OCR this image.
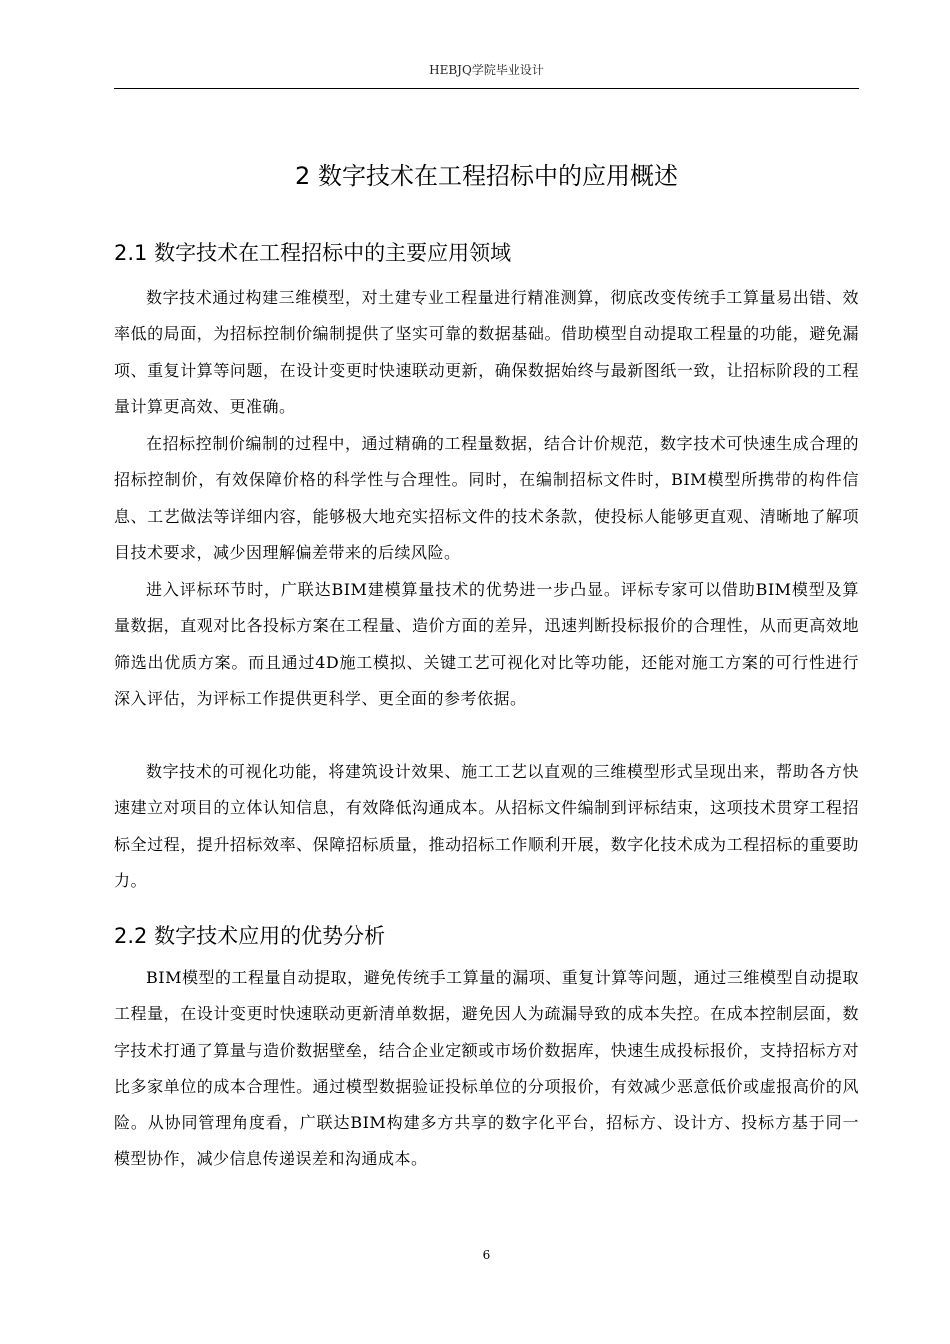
HEBJQ学院毕业设计
2 数字技术在工程招标中的应用概述
2.1 数字技术在工程招标中的主要应用领域

数字技术通过构建三维模型，对土建专业工程量进行精准测算，彻底改变传统手工算量易出错、效率低的局面，为招标控制价编制提供了坚实可靠的数据基础。借助模型自动提取工程量的功能，避免漏项、重复计算等问题，在设计变更时快速联动更新，确保数据始终与最新图纸一致，让招标阶段的工程量计算更高效、更准确。

在招标控制价编制的过程中，通过精确的工程量数据，结合计价规范，数字技术可快速生成合理的招标控制价，有效保障价格的科学性与合理性。同时，在编制招标文件时，BIM模型所携带的构件信息、工艺做法等详细内容，能够极大地充实招标文件的技术条款，使投标人能够更直观、清晰地了解项目技术要求，减少因理解偏差带来的后续风险。

进入评标环节时，广联达BIM建模算量技术的优势进一步凸显。评标专家可以借助BIM模型及算量数据，直观对比各投标方案在工程量、造价方面的差异，迅速判断投标报价的合理性，从而更高效地筛选出优质方案。而且通过4D施工模拟、关键工艺可视化对比等功能，还能对施工方案的可行性进行深入评估，为评标工作提供更科学、更全面的参考依据。

数字技术的可视化功能，将建筑设计效果、施工工艺以直观的三维模型形式呈现出来，帮助各方快速建立对项目的立体认知信息，有效降低沟通成本。从招标文件编制到评标结束，这项技术贯穿工程招标全过程，提升招标效率、保障招标质量，推动招标工作顺利开展，数字化技术成为工程招标的重要助力。

2.2 数字技术应用的优势分析

BIM模型的工程量自动提取，避免传统手工算量的漏项、重复计算等问题，通过三维模型自动提取工程量，在设计变更时快速联动更新清单数据，避免因人为疏漏导致的成本失控。在成本控制层面，数字技术打通了算量与造价数据壁垒，结合企业定额或市场价数据库，快速生成投标报价，支持招标方对比多家单位的成本合理性。通过模型数据验证投标单位的分项报价，有效减少恶意低价或虚报高价的风险。从协同管理角度看，广联达BIM构建多方共享的数字化平台，招标方、设计方、投标方基于同一模型协作，减少信息传递误差和沟通成本。

6
